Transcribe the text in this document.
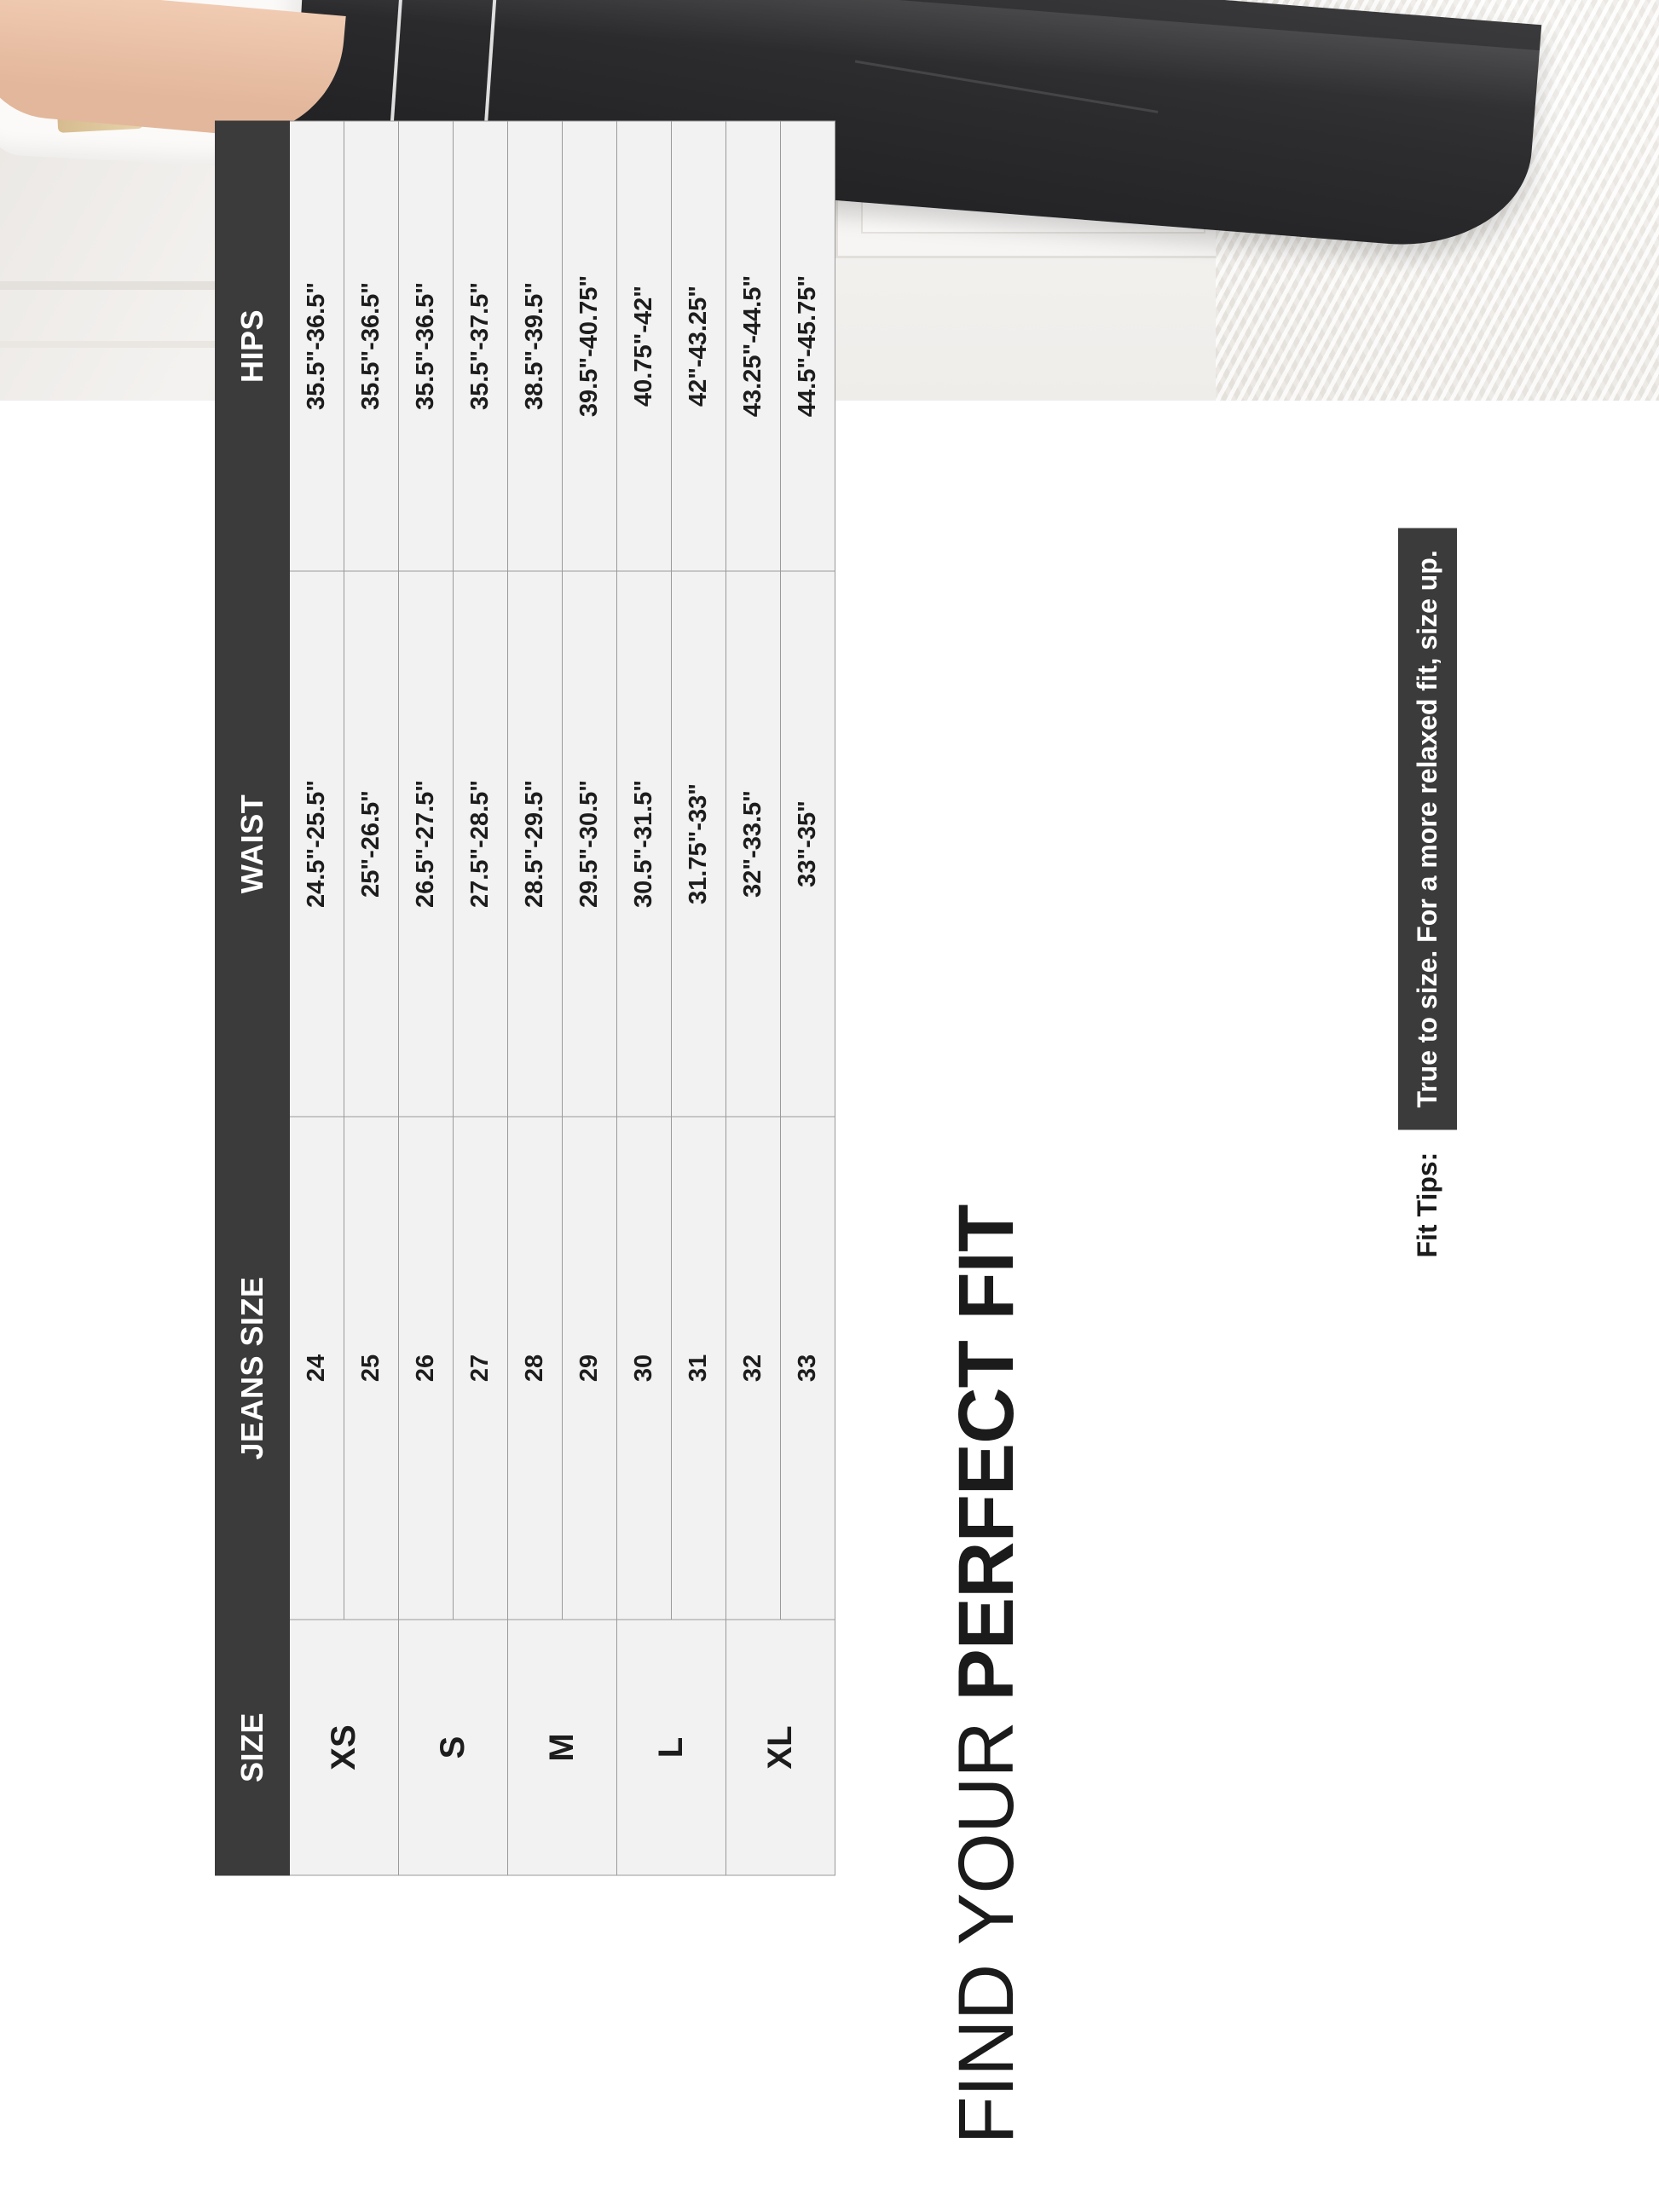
FIND YOUR PERFECT FIT
SIZE	JEANS SIZE	WAIST	HIPS
XS	24	24.5"-25.5"	35.5"-36.5"
	25	25"-26.5"	35.5"-36.5"
S	26	26.5"-27.5"	35.5"-36.5"
	27	27.5"-28.5"	35.5"-37.5"
M	28	28.5"-29.5"	38.5"-39.5"
	29	29.5"-30.5"	39.5"-40.75"
L	30	30.5"-31.5"	40.75"-42"
	31	31.75"-33"	42"-43.25"
XL	32	32"-33.5"	43.25"-44.5"
	33	33"-35"	44.5"-45.75"
Fit Tips:
True to size. For a more relaxed fit, size up.
